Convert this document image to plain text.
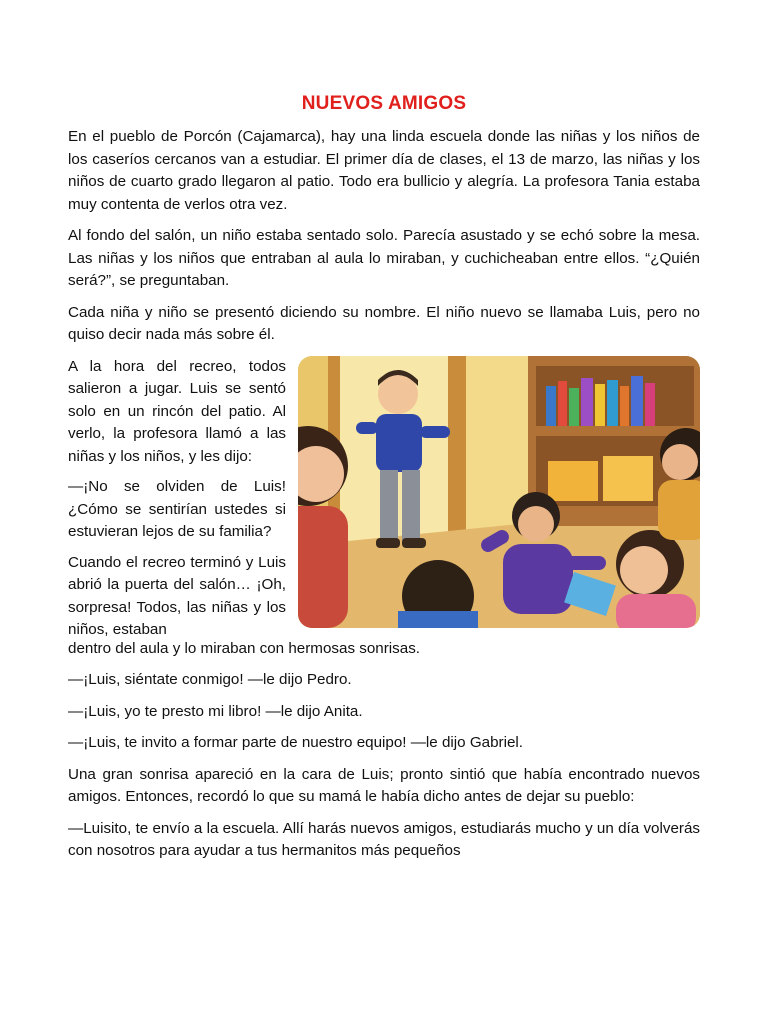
NUEVOS AMIGOS

En el pueblo de Porcón (Cajamarca), hay una linda escuela donde las niñas y los niños de los caseríos cercanos van a estudiar. El primer día de clases, el 13 de marzo, las niñas y los niños de cuarto grado llegaron al patio. Todo era bullicio y alegría. La profesora Tania estaba muy contenta de verlos otra vez.

Al fondo del salón, un niño estaba sentado solo. Parecía asustado y se echó sobre la mesa. Las niñas y los niños que entraban al aula lo miraban, y cuchicheaban entre ellos. “¿Quién será?”, se preguntaban.

Cada niña y niño se presentó diciendo su nombre. El niño nuevo se llamaba Luis, pero no quiso decir nada más sobre él.

A la hora del recreo, todos salieron a jugar. Luis se sentó solo en un rincón del patio. Al verlo, la profesora llamó a las niñas y los niños, y les dijo:

—¡No se olviden de Luis! ¿Cómo se sentirían ustedes si estuvieran lejos de su familia?

Cuando el recreo terminó y Luis abrió la puerta del salón… ¡Oh, sorpresa! Todos, las niñas y los niños, estaban

dentro del aula y lo miraban con hermosas sonrisas.

—¡Luis, siéntate conmigo! —le dijo Pedro.

—¡Luis, yo te presto mi libro! —le dijo Anita.

—¡Luis, te invito a formar parte de nuestro equipo! —le dijo Gabriel.

Una gran sonrisa apareció en la cara de Luis; pronto sintió que había encontrado nuevos amigos. Entonces, recordó lo que su mamá le había dicho antes de dejar su pueblo:

—Luisito, te envío a la escuela. Allí harás nuevos amigos, estudiarás mucho y un día volverás con nosotros para ayudar a tus hermanitos más pequeños
